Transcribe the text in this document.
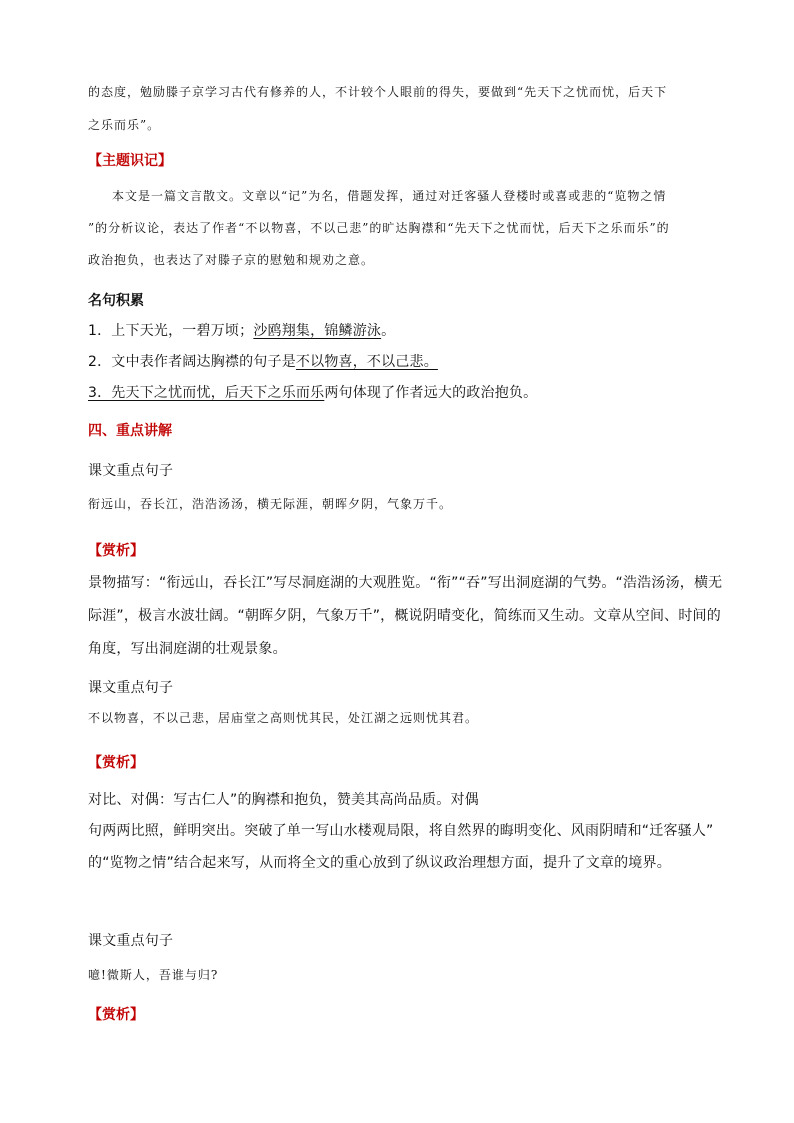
的态度，勉励滕子京学习古代有修养的人，不计较个人眼前的得失，要做到“先天下之忧而忧，后天下

之乐而乐”。

【主题识记】

本文是一篇文言散文。文章以“记”为名，借题发挥，通过对迁客骚人登楼时或喜或悲的“览物之情

”的分析议论，表达了作者“不以物喜，不以己悲”的旷达胸襟和“先天下之忧而忧，后天下之乐而乐”的

政治抱负，也表达了对滕子京的慰勉和规劝之意。

名句积累

1．上下天光，一碧万顷；沙鸥翔集，锦鳞游泳。

2．文中表作者阔达胸襟的句子是不以物喜，不以己悲。

3．先天下之忧而忧，后天下之乐而乐两句体现了作者远大的政治抱负。

四、重点讲解

课文重点句子

衔远山，吞长江，浩浩汤汤，横无际涯，朝晖夕阴，气象万千。

【赏析】

景物描写：“衔远山，吞长江”写尽洞庭湖的大观胜览。“衔”“吞”写出洞庭湖的气势。“浩浩汤汤，横无

际涯”，极言水波壮阔。“朝晖夕阴，气象万千”，概说阴晴变化，简练而又生动。文章从空间、时间的

角度，写出洞庭湖的壮观景象。

课文重点句子

不以物喜，不以己悲，居庙堂之高则忧其民，处江湖之远则忧其君。

【赏析】

对比、对偶：写古仁人”的胸襟和抱负，赞美其高尚品质。对偶

句两两比照，鲜明突出。突破了单一写山水楼观局限，将自然界的晦明变化、风雨阴晴和“迁客骚人”

的“览物之情”结合起来写，从而将全文的重心放到了纵议政治理想方面，提升了文章的境界。

课文重点句子

噫!微斯人，吾谁与归?

【赏析】
